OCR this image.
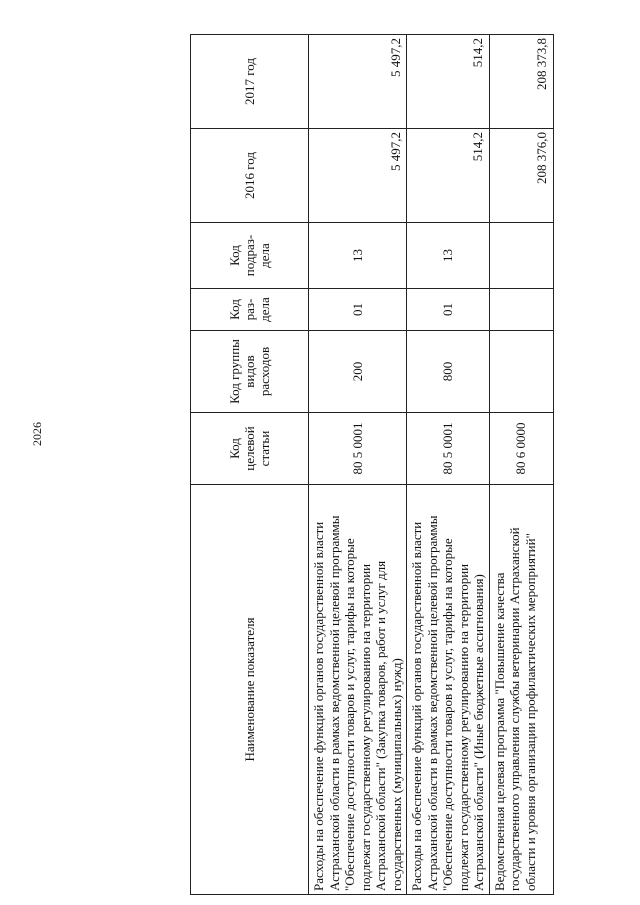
2026
Наименование показателя	Код целевой статьи	Код группы видов расходов	Код раз- дела	Код подраз- дела	2016 год	2017 год
Расходы на обеспечение функций органов государственной власти Астраханской области в рамках ведомственной целевой программы "Обеспечение доступности товаров и услуг, тарифы на которые подлежат государственному регулированию на территории Астраханской области" (Закупка товаров, работ и услуг для государственных (муниципальных) нужд)	80 5 0001	200	01	13	5 497,2	5 497,2
Расходы на обеспечение функций органов государственной власти Астраханской области в рамках ведомственной целевой программы "Обеспечение доступности товаров и услуг, тарифы на которые подлежат государственному регулированию на территории Астраханской области" (Иные бюджетные ассигнования)	80 5 0001	800	01	13	514,2	514,2
Ведомственная целевая программа "Повышение качества государственного управления службы ветеринарии Астраханской области и уровня организации профилактических мероприятий"	80 6 0000				208 376,0	208 373,8
